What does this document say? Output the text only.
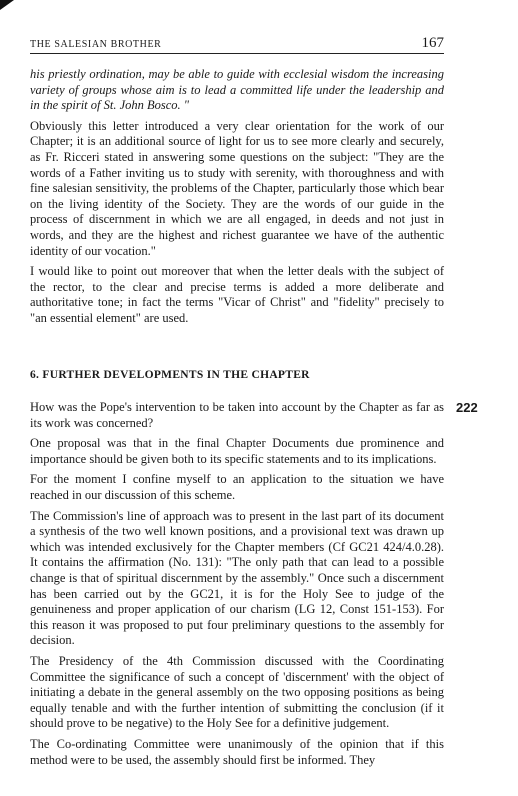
THE SALESIAN BROTHER	167

his priestly ordination, may be able to guide with ecclesial wisdom the increasing variety of groups whose aim is to lead a committed life under the leadership and in the spirit of St. John Bosco. "

Obviously this letter introduced a very clear orientation for the work of our Chapter; it is an additional source of light for us to see more clearly and securely, as Fr. Ricceri stated in answering some questions on the subject: "They are the words of a Father inviting us to study with serenity, with thoroughness and with fine salesian sensitivity, the problems of the Chapter, particularly those which bear on the living identity of the Society. They are the words of our guide in the process of discernment in which we are all engaged, in deeds and not just in words, and they are the highest and richest guarantee we have of the authentic identity of our vocation."

I would like to point out moreover that when the letter deals with the subject of the rector, to the clear and precise terms is added a more deliberate and authoritative tone; in fact the terms "Vicar of Christ" and "fidelity" precisely to "an essential element" are used.

6. FURTHER DEVELOPMENTS IN THE CHAPTER

How was the Pope's intervention to be taken into account by the Chapter as far as its work was concerned?

222

One proposal was that in the final Chapter Documents due prominence and importance should be given both to its specific statements and to its implications.

For the moment I confine myself to an application to the situation we have reached in our discussion of this scheme.

The Commission's line of approach was to present in the last part of its document a synthesis of the two well known positions, and a provisional text was drawn up which was intended exclusively for the Chapter members (Cf GC21 424/4.0.28). It contains the affirmation (No. 131): "The only path that can lead to a possible change is that of spiritual discernment by the assembly." Once such a discernment has been carried out by the GC21, it is for the Holy See to judge of the genuineness and proper application of our charism (LG 12, Const 151-153). For this reason it was proposed to put four preliminary questions to the assembly for decision.

The Presidency of the 4th Commission discussed with the Coordinating Committee the significance of such a concept of 'discernment' with the object of initiating a debate in the general assembly on the two opposing positions as being equally tenable and with the further intention of submitting the conclusion (if it should prove to be negative) to the Holy See for a definitive judgement.

The Co-ordinating Committee were unanimously of the opinion that if this method were to be used, the assembly should first be informed. They
